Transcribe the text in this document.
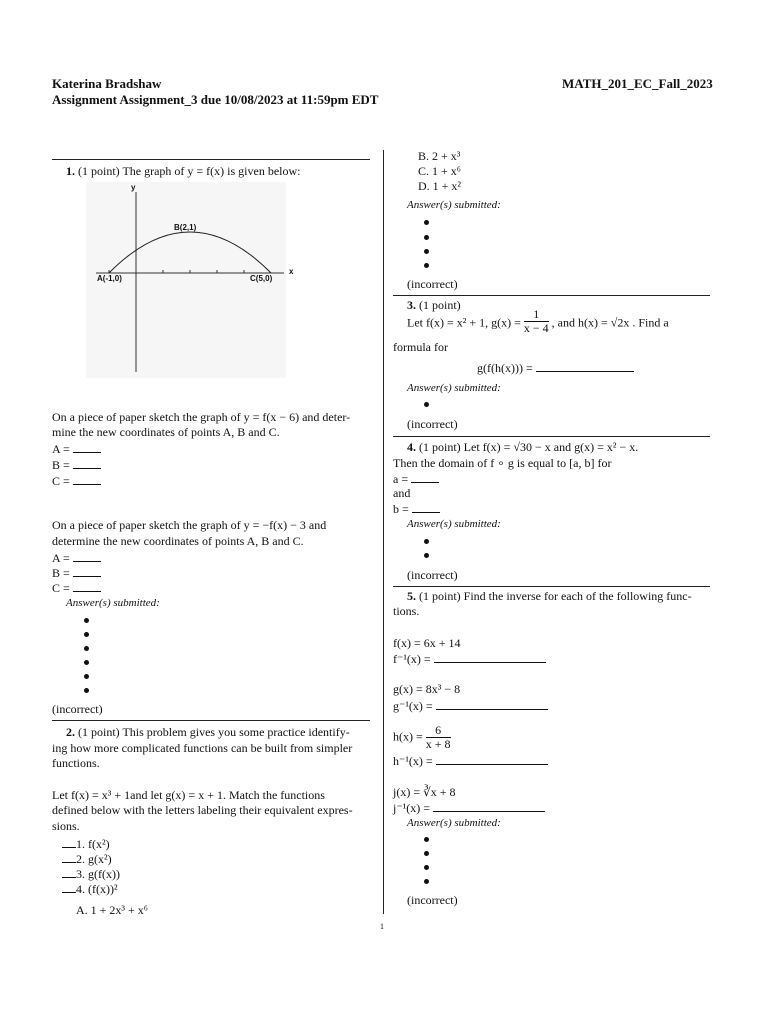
Katerina Bradshaw	MATH_201_EC_Fall_2023
Assignment Assignment_3 due 10/08/2023 at 11:59pm EDT
1. (1 point) The graph of y = f(x) is given below:
y
x
A(-1,0)
B(2,1)
C(5,0)
On a piece of paper sketch the graph of y = f(x − 6) and deter-
mine the new coordinates of points A, B and C.
A =
B =
C =
On a piece of paper sketch the graph of y = −f(x) − 3 and
determine the new coordinates of points A, B and C.
A =
B =
C =
Answer(s) submitted:
(incorrect)
2. (1 point) This problem gives you some practice identify-
ing how more complicated functions can be built from simpler
functions.
Let f(x) = x³ + 1and let g(x) = x + 1. Match the functions
defined below with the letters labeling their equivalent expres-
sions.
1. f(x²)
2. g(x²)
3. g(f(x))
4. (f(x))²
A. 1 + 2x³ + x⁶
B. 2 + x³
C. 1 + x⁶
D. 1 + x²
Answer(s) submitted:
(incorrect)
3. (1 point)
Let f(x) = x² + 1, $g(x) = \frac{1}{x - 4}$ , and h(x) = √2x . Find a
formula for
g(f(h(x))) =
Answer(s) submitted:
(incorrect)
4. (1 point) Let f(x) = √30 − x and g(x) = x² − x.
Then the domain of f ∘ g is equal to [a, b] for
a =
and
b =
Answer(s) submitted:
(incorrect)
5. (1 point) Find the inverse for each of the following func-
tions.
f(x) = 6x + 14
f⁻¹(x) =
g(x) = 8x³ − 8
g⁻¹(x) =
$h(x) = \frac{6}{x + 8}$
h⁻¹(x) =
j(x) = ∛x + 8
j⁻¹(x) =
Answer(s) submitted:
(incorrect)
1
